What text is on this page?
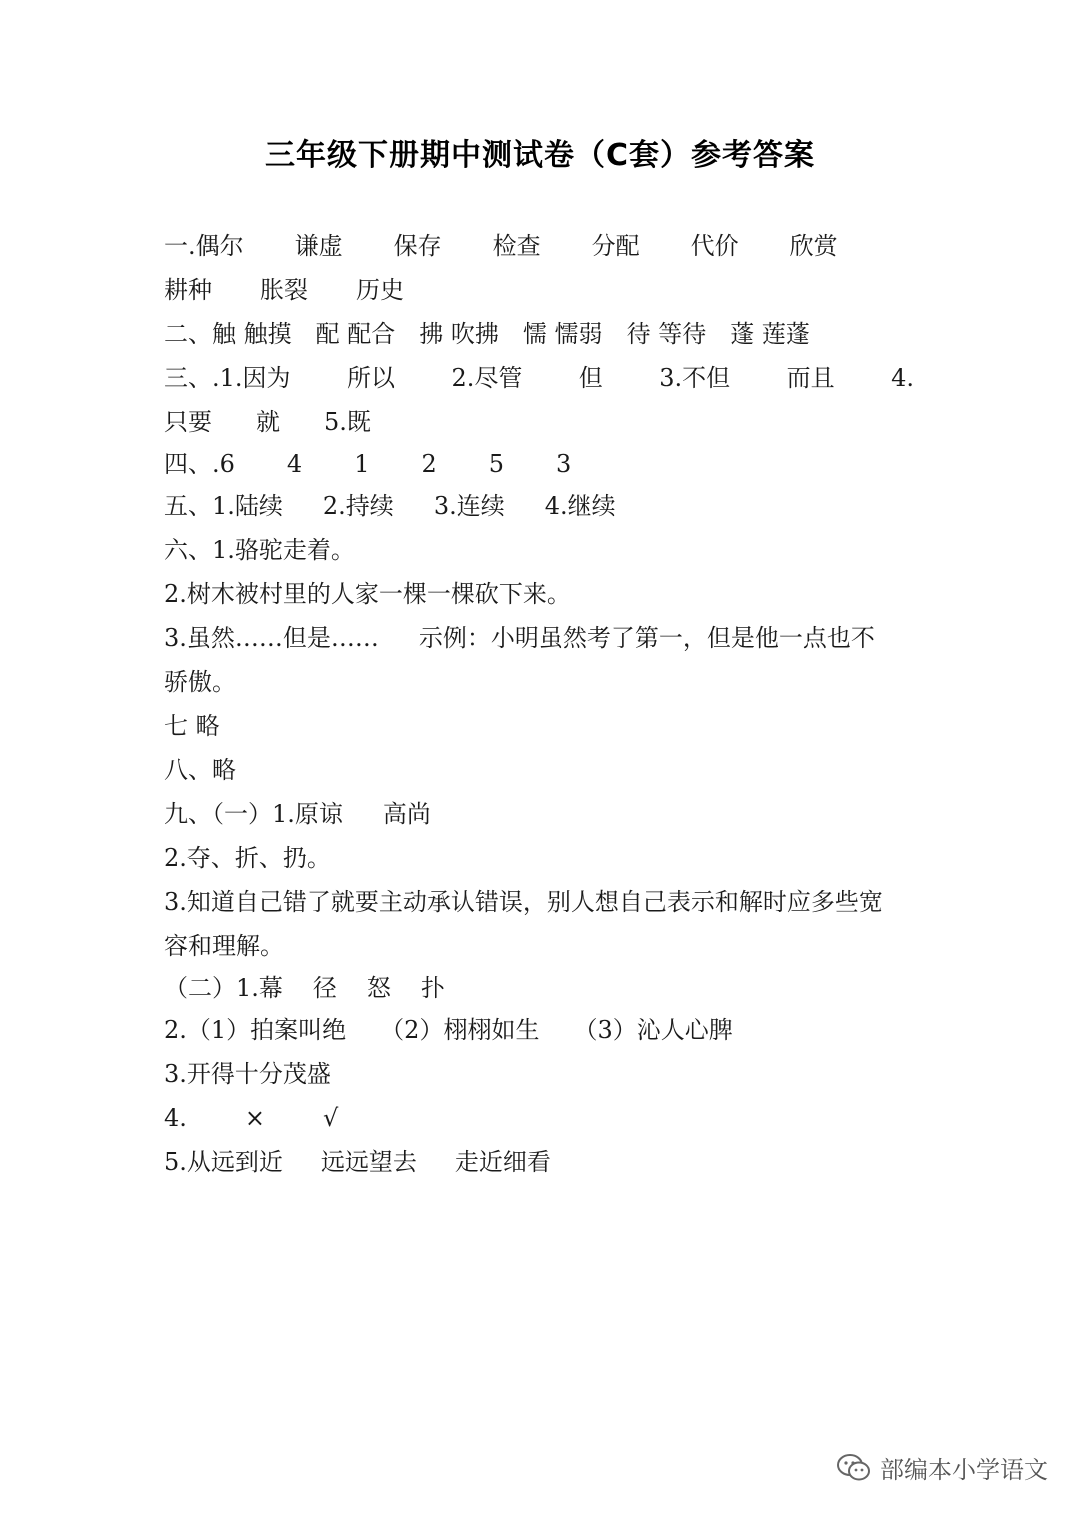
三年级下册期中测试卷（C套）参考答案
一.偶尔 谦虚 保存 检查 分配 代价 欣赏
耕种 胀裂 历史
二、触 触摸 配 配合 拂 吹拂 懦 懦弱 待 等待 蓬 莲蓬
三、.1.因为 所以 2.尽管 但 3.不但 而且 4.
只要 就 5.既
四、.6 4 1 2 5 3
五、1.陆续 2.持续 3.连续 4.继续
六、1.骆驼走着。
2.树木被村里的人家一棵一棵砍下来。
3.虽然……但是…… 示例：小明虽然考了第一，但是他一点也不
骄傲。
七 略
八、略
九、（一）1.原谅 高尚
2.夺、折、扔。
3.知道自己错了就要主动承认错误，别人想自己表示和解时应多些宽
容和理解。
（二）1.幕 径 怒 扑
2.（1）拍案叫绝 （2）栩栩如生 （3）沁人心脾
3.开得十分茂盛
4. × √
5.从远到近 远远望去 走近细看
部编本小学语文
